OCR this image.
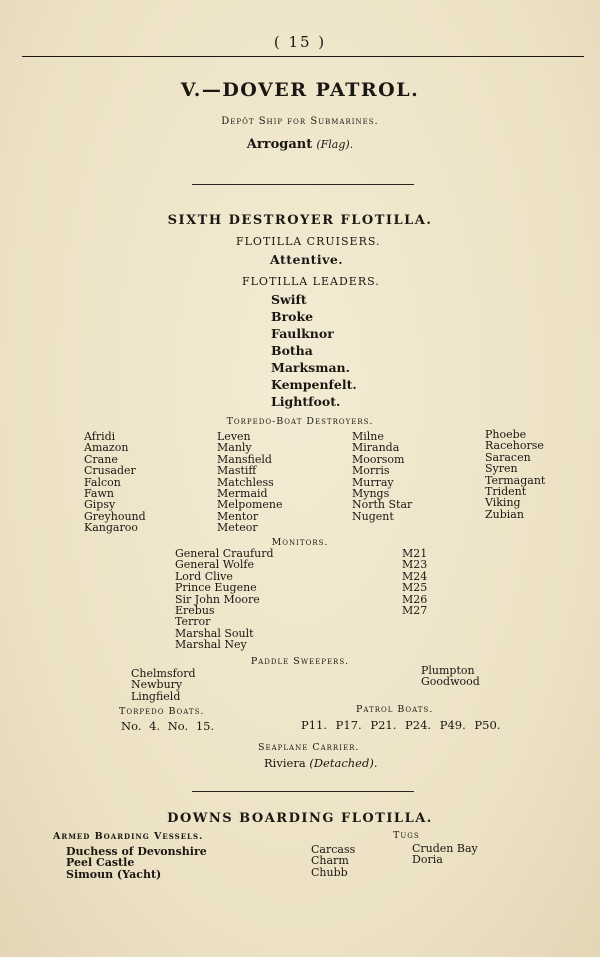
( 15 )
V.—DOVER PATROL.
Depôt Ship for Submarines.
Arrogant (Flag).
SIXTH DESTROYER FLOTILLA.
FLOTILLA CRUISERS.
Attentive.
FLOTILLA LEADERS.
Swift
Broke
Faulknor
Botha
Marksman.
Kempenfelt.
Lightfoot.
Torpedo-Boat Destroyers.
Afridi
Amazon
Crane
Crusader
Falcon
Fawn
Gipsy
Greyhound
Kangaroo
Leven
Manly
Mansfield
Mastiff
Matchless
Mermaid
Melpomene
Mentor
Meteor
Milne
Miranda
Moorsom
Morris
Murray
Myngs
North Star
Nugent
Phoebe
Racehorse
Saracen
Syren
Termagant
Trident
Viking
Zubian
Monitors.
General Craufurd
General Wolfe
Lord Clive
Prince Eugene
Sir John Moore
Erebus
Terror
Marshal Soult
Marshal Ney
M21
M23
M24
M25
M26
M27
Paddle Sweepers.
Chelmsford
Newbury
Lingfield
Plumpton
Goodwood
Torpedo Boats.
No. 4. No. 15.
Patrol Boats.
P11. P17. P21. P24. P49. P50.
Seaplane Carrier.
Riviera (Detached).
DOWNS BOARDING FLOTILLA.
Armed Boarding Vessels.
Duchess of Devonshire
Peel Castle
Simoun (Yacht)
Tugs
Carcass
Charm
Chubb
Cruden Bay
Doria
